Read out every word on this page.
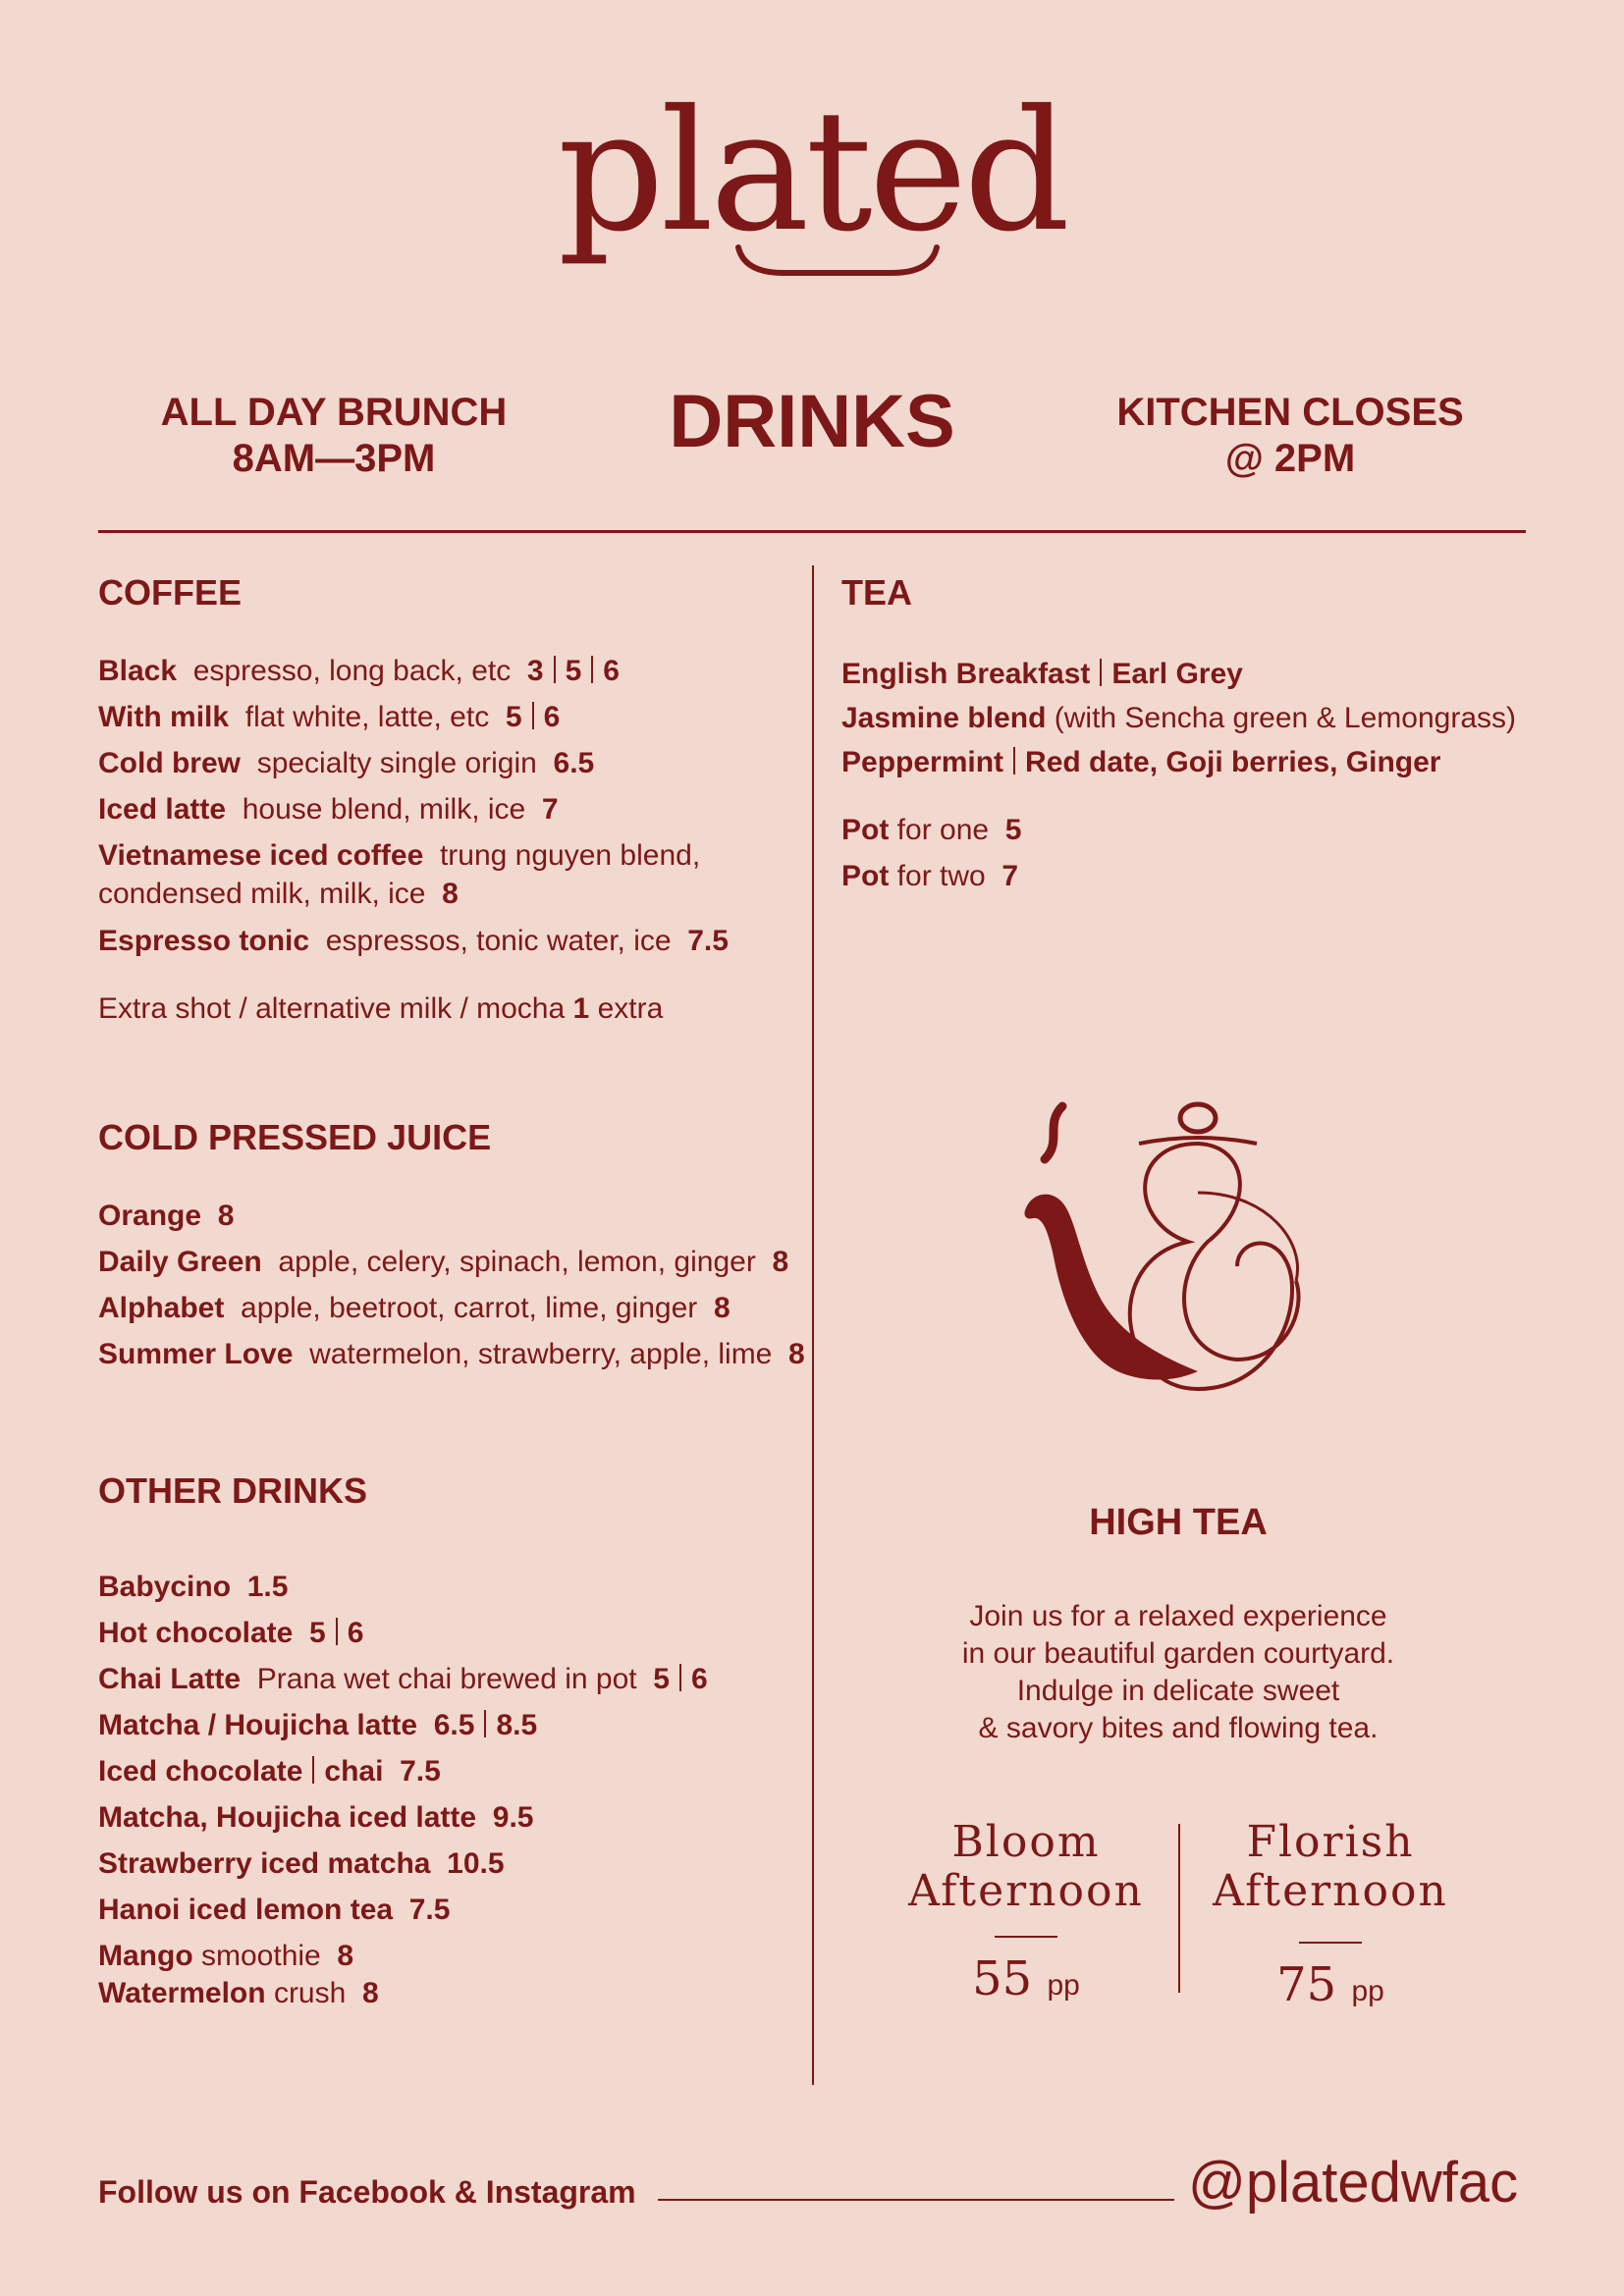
plated
ALL DAY BRUNCH
8AM—3PM	DRINKS	KITCHEN CLOSES
@ 2PM
COFFEE
Black espresso, long back, etc 3 5 6
With milk flat white, latte, etc 5 6
Cold brew specialty single origin 6.5
Iced latte house blend, milk, ice 7
Vietnamese iced coffee trung nguyen blend,
condensed milk, milk, ice 8
Espresso tonic espressos, tonic water, ice 7.5
Extra shot / alternative milk / mocha 1 extra
COLD PRESSED JUICE
Orange 8
Daily Green apple, celery, spinach, lemon, ginger 8
Alphabet apple, beetroot, carrot, lime, ginger 8
Summer Love watermelon, strawberry, apple, lime 8
OTHER DRINKS
Babycino 1.5
Hot chocolate 5 6
Chai Latte Prana wet chai brewed in pot 5 6
Matcha / Houjicha latte 6.5 8.5
Iced chocolate chai 7.5
Matcha, Houjicha iced latte 9.5
Strawberry iced matcha 10.5
Hanoi iced lemon tea 7.5
Mango smoothie 8
Watermelon crush 8
TEA
English Breakfast Earl Grey
Jasmine blend (with Sencha green & Lemongrass)
Peppermint Red date, Goji berries, Ginger
Pot for one 5
Pot for two 7
HIGH TEA
Join us for a relaxed experience
in our beautiful garden courtyard.
Indulge in delicate sweet
& savory bites and flowing tea.
Bloom
Afternoon
55 pp
Florish
Afternoon
75 pp
Follow us on Facebook & Instagram	@platedwfac
